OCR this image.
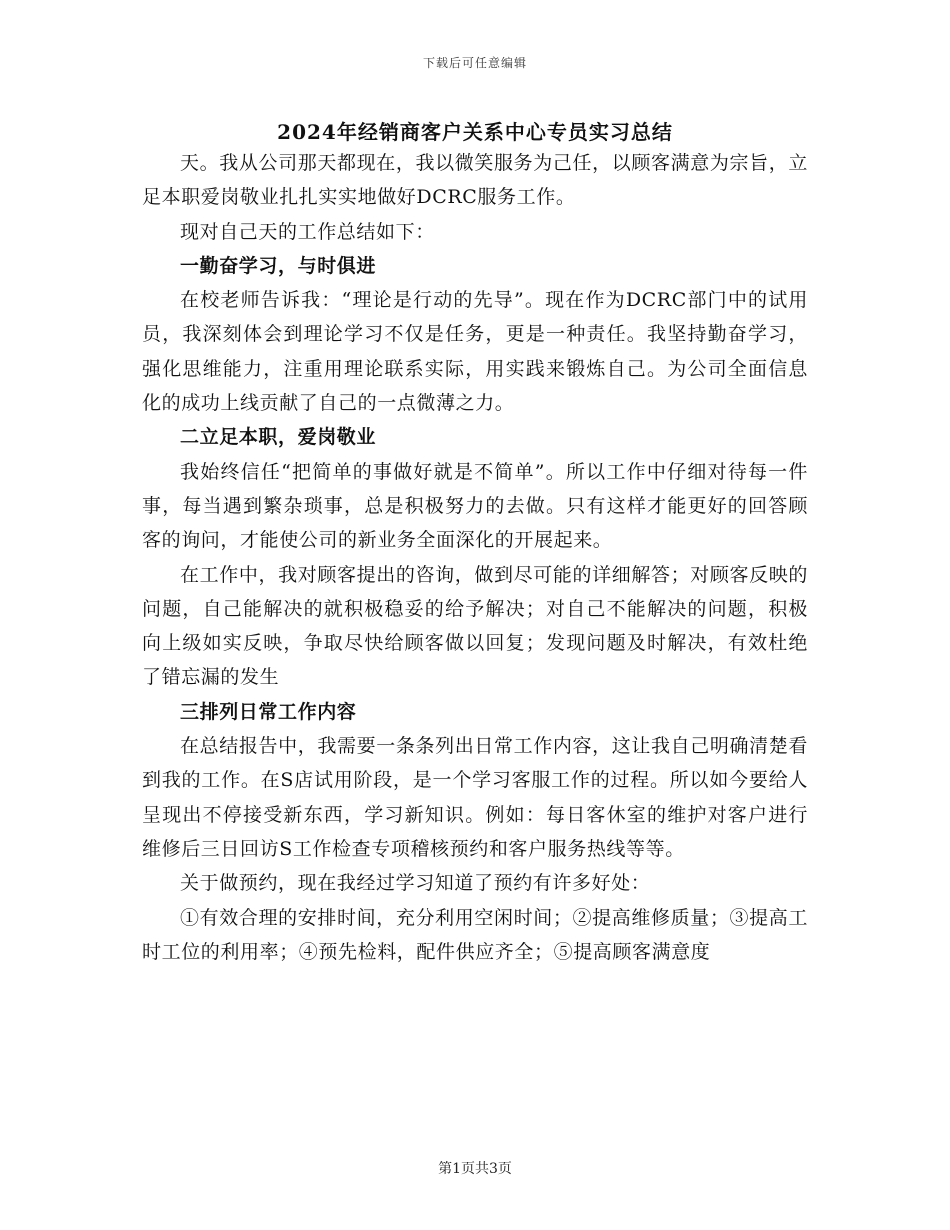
下载后可任意编辑
2024年经销商客户关系中心专员实习总结

天。我从公司那天都现在，我以微笑服务为己任，以顾客满意为宗旨，立足本职爱岗敬业扎扎实实地做好DCRC服务工作。

现对自己天的工作总结如下：

一勤奋学习，与时俱进

在校老师告诉我：“理论是行动的先导”。现在作为DCRC部门中的试用员，我深刻体会到理论学习不仅是任务，更是一种责任。我坚持勤奋学习，强化思维能力，注重用理论联系实际，用实践来锻炼自己。为公司全面信息化的成功上线贡献了自己的一点微薄之力。

二立足本职，爱岗敬业

我始终信任“把简单的事做好就是不简单”。所以工作中仔细对待每一件事，每当遇到繁杂琐事，总是积极努力的去做。只有这样才能更好的回答顾客的询问，才能使公司的新业务全面深化的开展起来。

在工作中，我对顾客提出的咨询，做到尽可能的详细解答；对顾客反映的问题，自己能解决的就积极稳妥的给予解决；对自己不能解决的问题，积极向上级如实反映，争取尽快给顾客做以回复；发现问题及时解决，有效杜绝了错忘漏的发生

三排列日常工作内容

在总结报告中，我需要一条条列出日常工作内容，这让我自己明确清楚看到我的工作。在S店试用阶段，是一个学习客服工作的过程。所以如今要给人呈现出不停接受新东西，学习新知识。例如：每日客休室的维护对客户进行维修后三日回访S工作检查专项稽核预约和客户服务热线等等。

关于做预约，现在我经过学习知道了预约有许多好处：

①有效合理的安排时间，充分利用空闲时间；②提高维修质量；③提高工时工位的利用率；④预先检料，配件供应齐全；⑤提高顾客满意度

第1页共3页
